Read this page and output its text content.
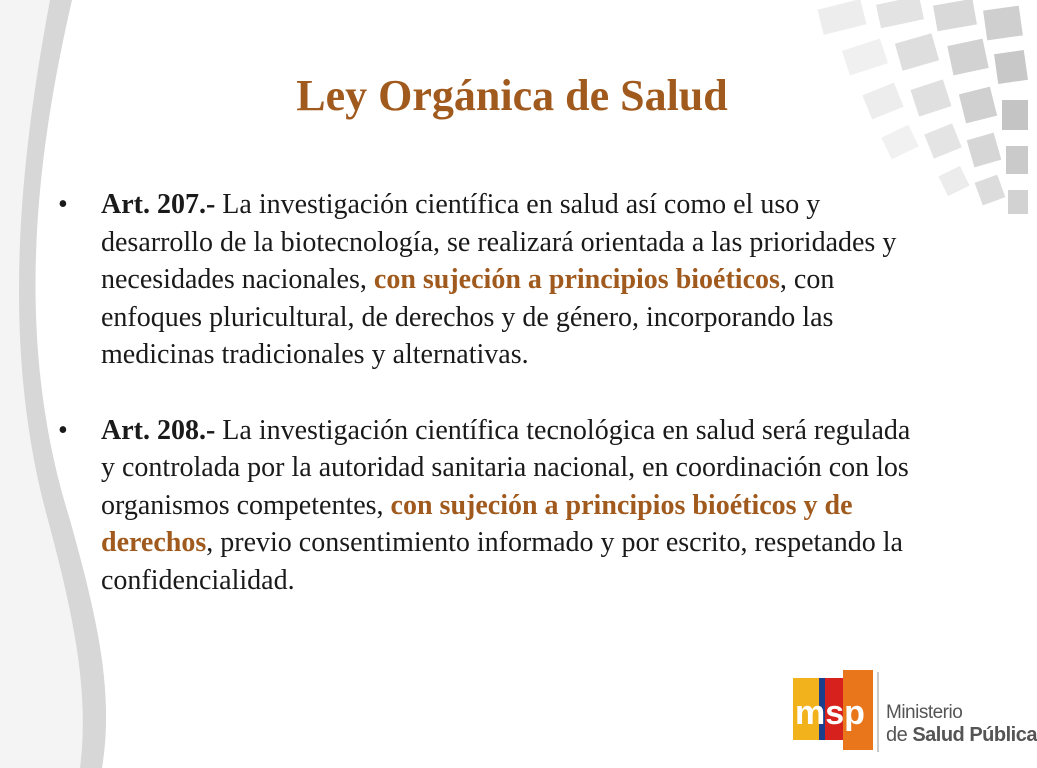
Ley Orgánica de Salud
• Art. 207.- La investigación científica en salud así como el uso y desarrollo de la biotecnología, se realizará orientada a las prioridades y necesidades nacionales, con sujeción a principios bioéticos, con enfoques pluricultural, de derechos y de género, incorporando las medicinas tradicionales y alternativas.
• Art. 208.- La investigación científica tecnológica en salud será regulada y controlada por la autoridad sanitaria nacional, en coordinación con los organismos competentes, con sujeción a principios bioéticos y de derechos, previo consentimiento informado y por escrito, respetando la confidencialidad.
msp Ministerio
de Salud Pública
